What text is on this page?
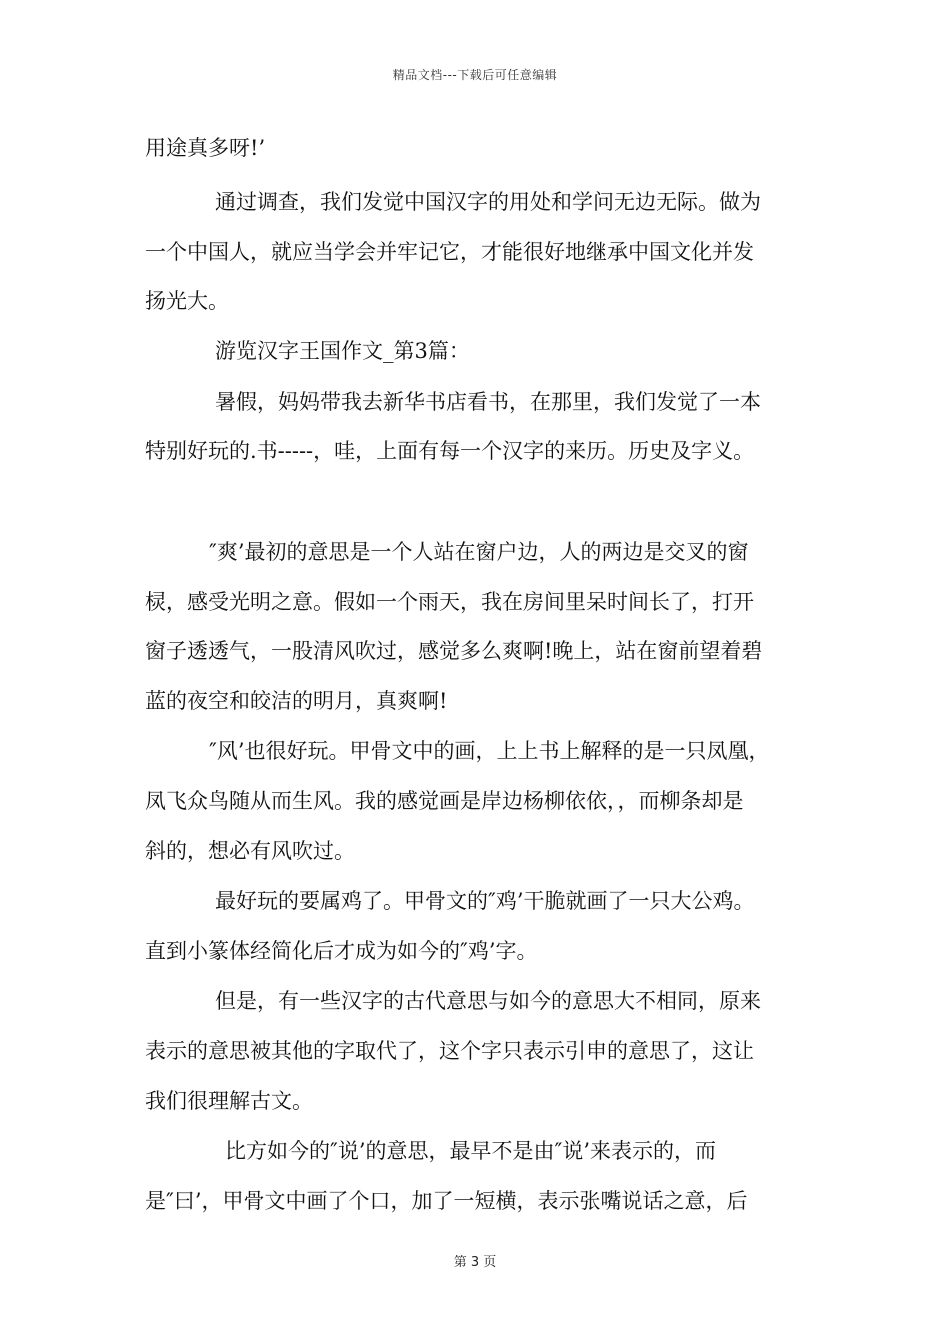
精品文档---下载后可任意编辑
用途真多呀!’
通过调查，我们发觉中国汉字的用处和学问无边无际。做为
一个中国人，就应当学会并牢记它，才能很好地继承中国文化并发
扬光大。
游览汉字王国作文_第3篇：
暑假，妈妈带我去新华书店看书，在那里，我们发觉了一本
特别好玩的.书-----，哇，上面有每一个汉字的来历。历史及字义。
″爽’最初的意思是一个人站在窗户边，人的两边是交叉的窗
棂，感受光明之意。假如一个雨天，我在房间里呆时间长了，打开
窗子透透气，一股清风吹过，感觉多么爽啊!晚上，站在窗前望着碧
蓝的夜空和皎洁的明月，真爽啊!
″风’也很好玩。甲骨文中的画，上上书上解释的是一只凤凰，
凤飞众鸟随从而生风。我的感觉画是岸边杨柳依依，，而柳条却是
斜的，想必有风吹过。
最好玩的要属鸡了。甲骨文的″鸡’干脆就画了一只大公鸡。
直到小篆体经简化后才成为如今的″鸡’字。
但是，有一些汉字的古代意思与如今的意思大不相同，原来
表示的意思被其他的字取代了，这个字只表示引申的意思了，这让
我们很理解古文。
比方如今的″说’的意思，最早不是由″说’来表示的，而
是″曰’，甲骨文中画了个口，加了一短横，表示张嘴说话之意，后
第 3 页
